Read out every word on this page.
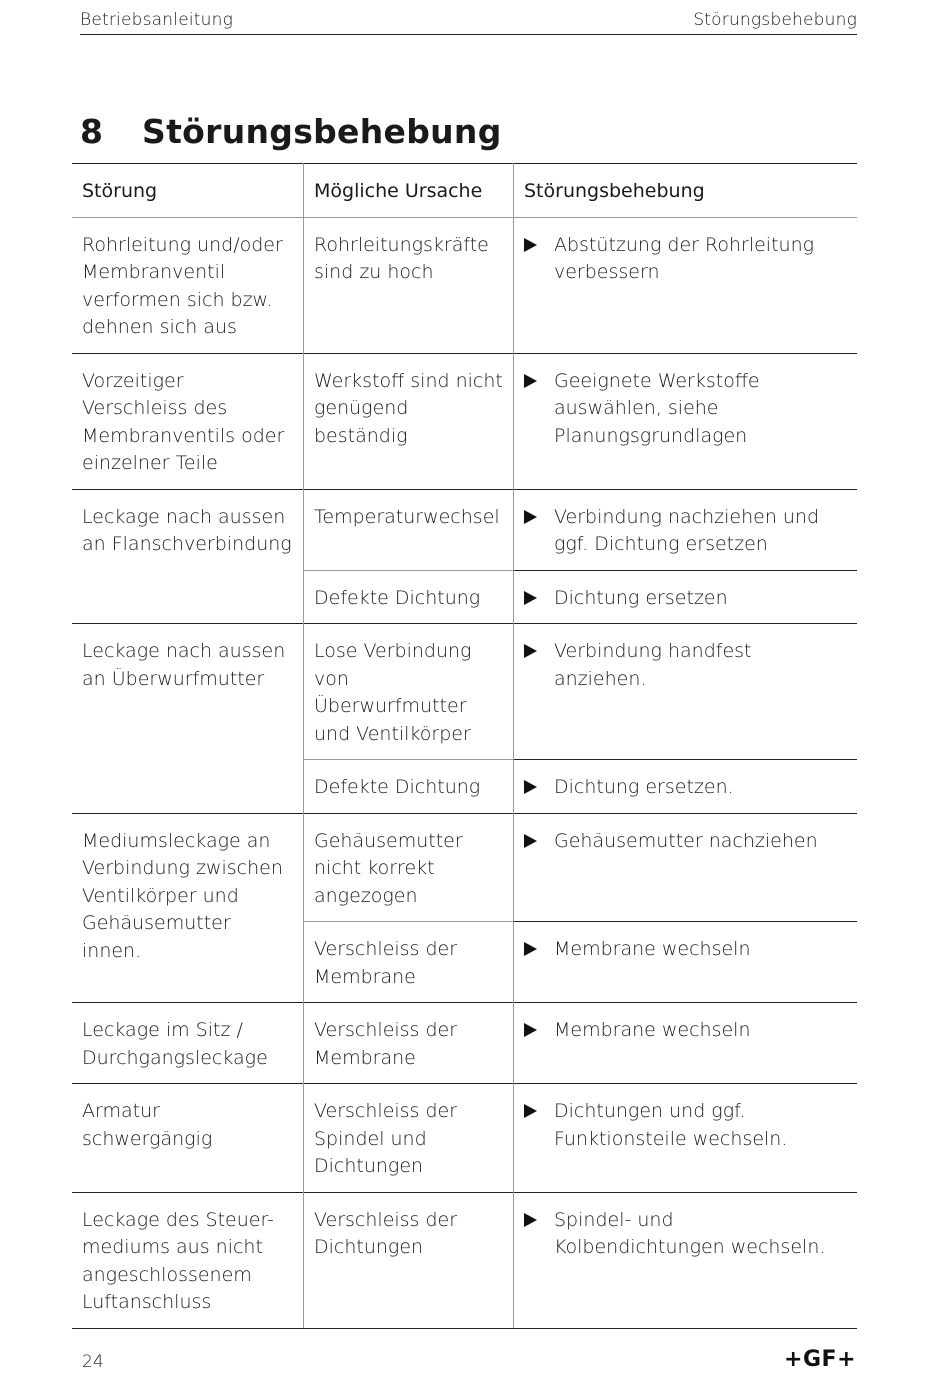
Betriebsanleitung	Störungsbehebung
8	Störungsbehebung
Störung	Mögliche Ursache	Störungsbehebung
Rohrleitung und/oder Membranventil verformen sich bzw. dehnen sich aus	Rohrleitungskräfte sind zu hoch	Abstützung der Rohrleitung verbessern

Vorzeitiger Verschleiss des Membranventils oder einzelner Teile	Werkstoff sind nicht genügend beständig	Geeignete Werkstoffe auswählen, siehe Planungsgrundlagen

Leckage nach aussen an Flanschverbindung	Temperaturwechsel	Verbindung nachziehen und ggf. Dichtung ersetzen

	Defekte Dichtung	Dichtung ersetzen

Leckage nach aussen an Überwurfmutter	Lose Verbindung von Überwurfmutter und Ventilkörper	Verbindung handfest anziehen.

	Defekte Dichtung	Dichtung ersetzen.

Mediumsleckage an Verbindung zwischen Ventilkörper und Gehäusemutter innen.	Gehäusemutter nicht korrekt angezogen	Gehäusemutter nachziehen

	Verschleiss der Membrane	Membrane wechseln

Leckage im Sitz / Durchgangsleckage	Verschleiss der Membrane	Membrane wechseln

Armatur schwergängig	Verschleiss der Spindel und Dichtungen	Dichtungen und ggf. Funktionsteile wechseln.

Leckage des Steuer-mediums aus nicht angeschlossenem Luftanschluss	Verschleiss der Dichtungen	Spindel- und Kolbendichtungen wechseln.
24	+GF+
